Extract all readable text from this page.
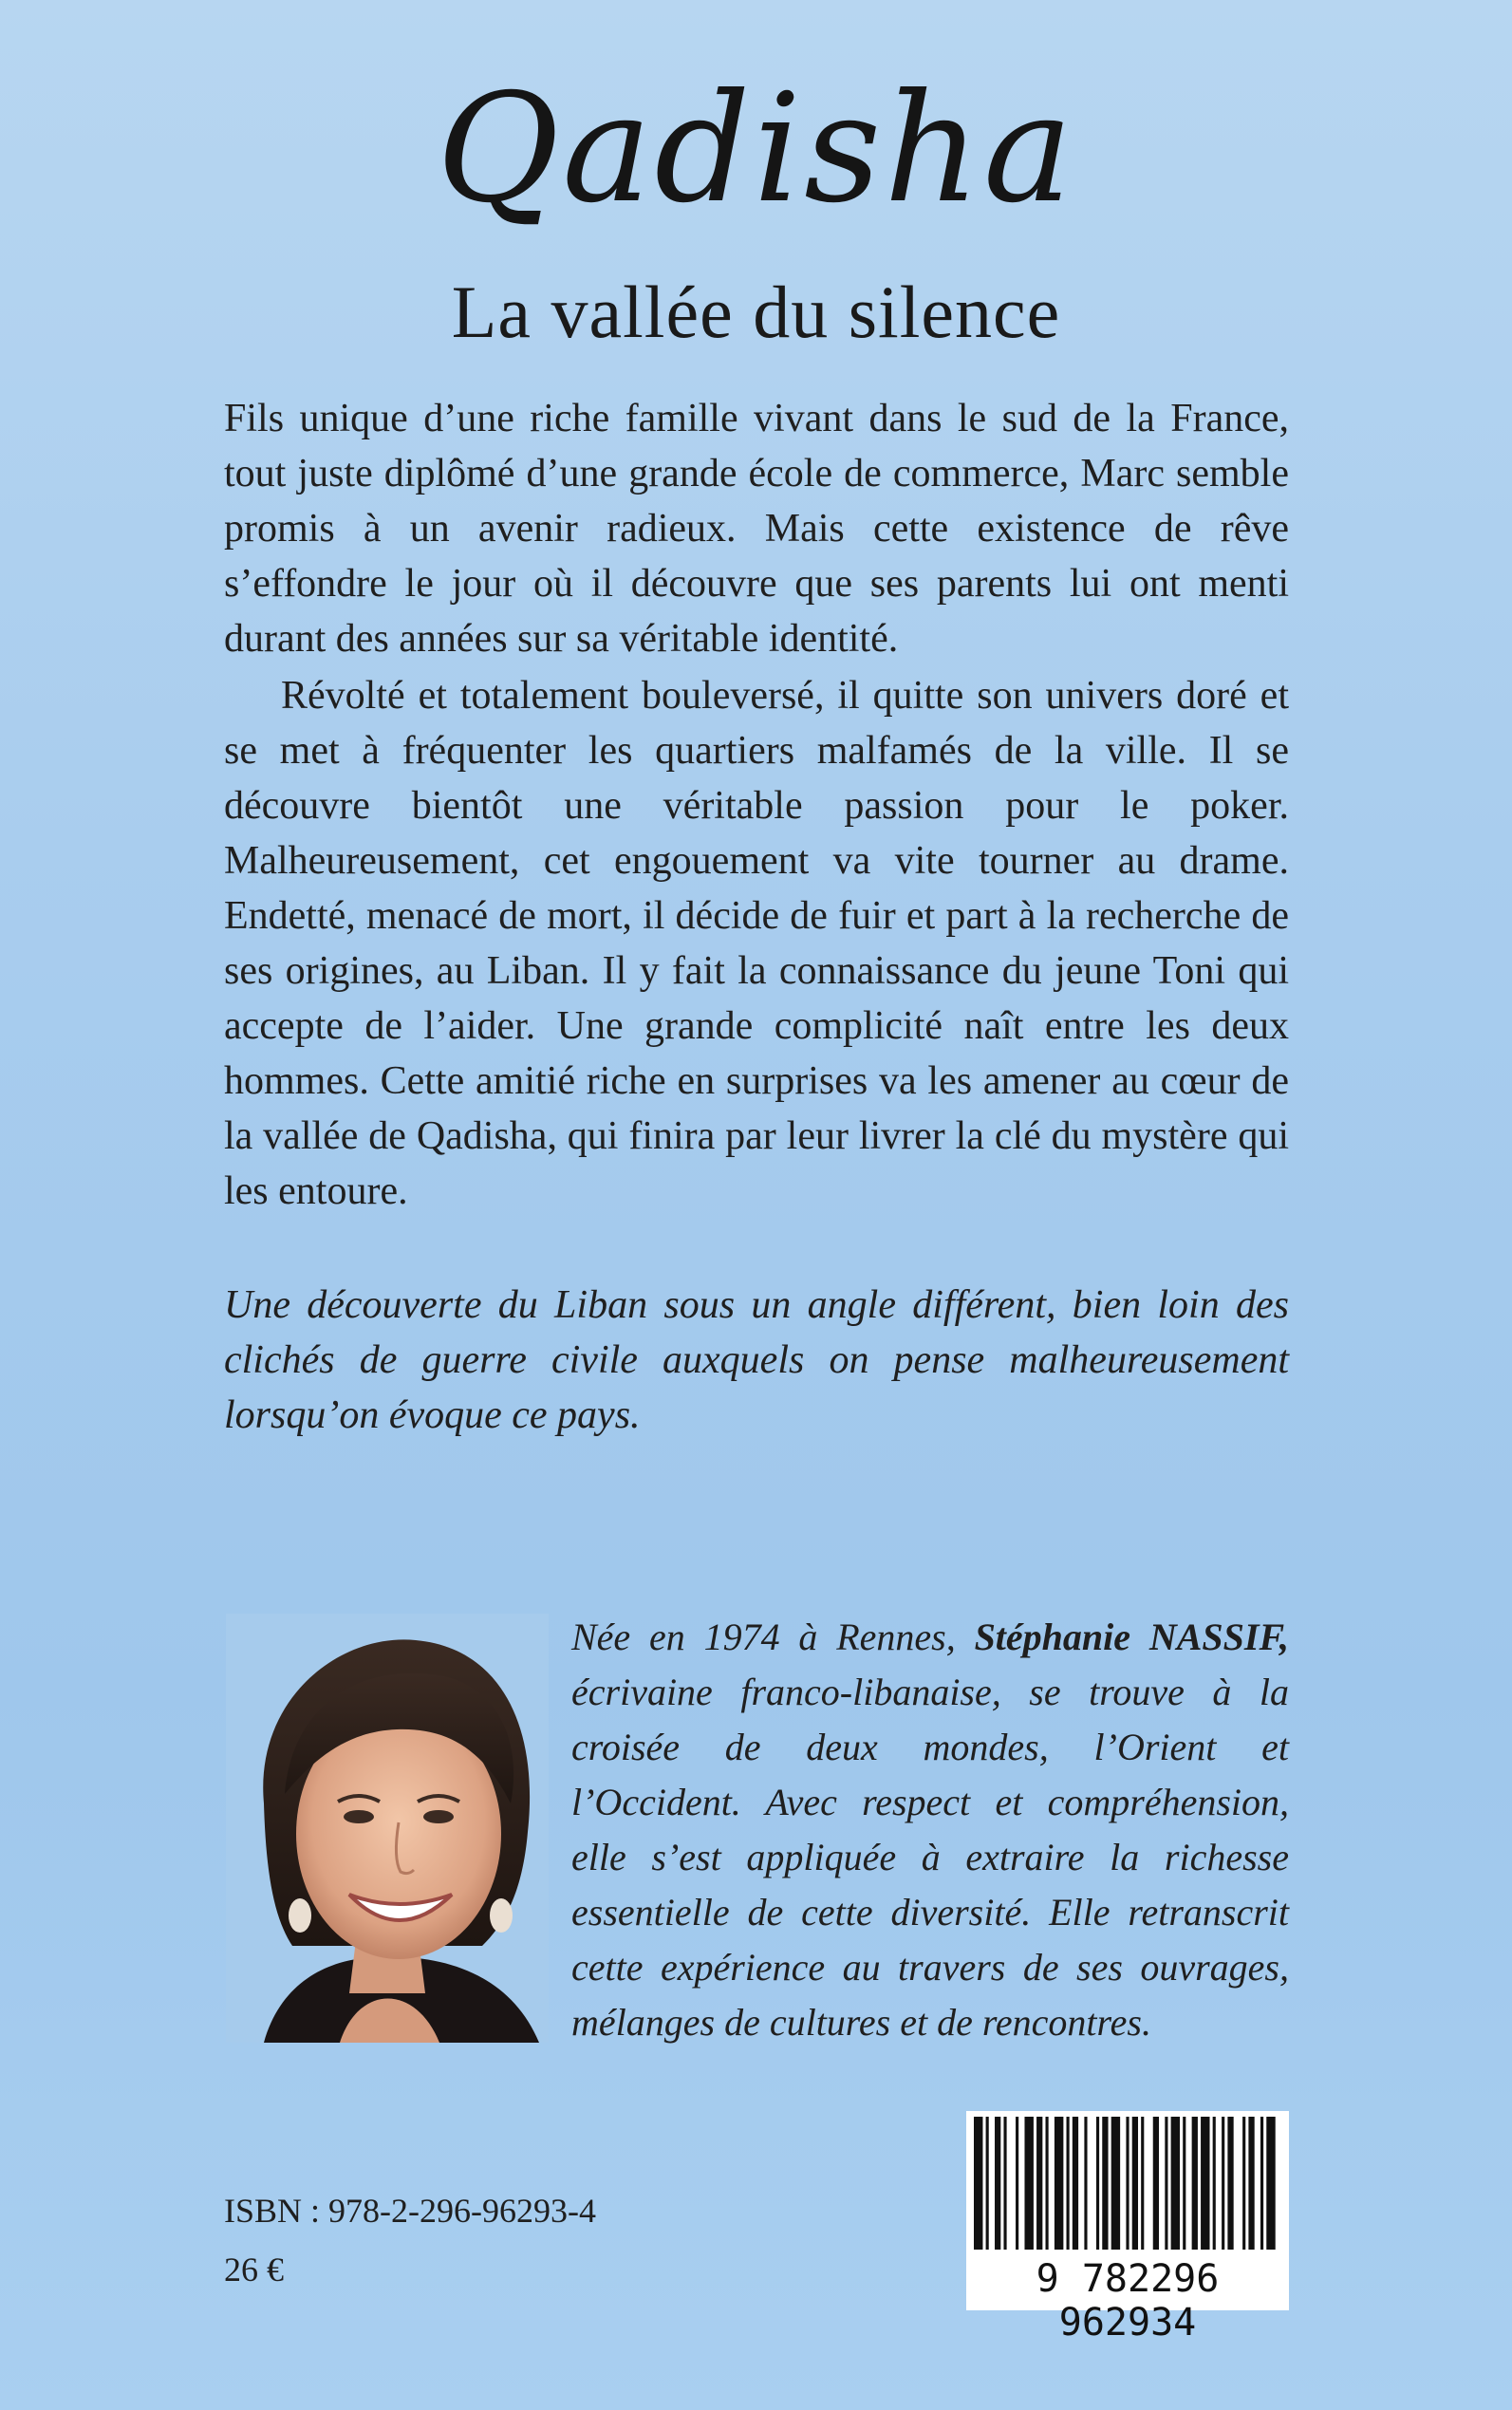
Qadisha
La vallée du silence

Fils unique d’une riche famille vivant dans le sud de la France, tout juste diplômé d’une grande école de commerce, Marc semble promis à un avenir radieux. Mais cette existence de rêve s’effondre le jour où il découvre que ses parents lui ont menti durant des années sur sa véritable identité.

Révolté et totalement bouleversé, il quitte son univers doré et se met à fréquenter les quartiers malfamés de la ville. Il se découvre bientôt une véritable passion pour le poker. Malheureusement, cet engouement va vite tourner au drame. Endetté, menacé de mort, il décide de fuir et part à la recherche de ses origines, au Liban. Il y fait la connaissance du jeune Toni qui accepte de l’aider. Une grande complicité naît entre les deux hommes. Cette amitié riche en surprises va les amener au cœur de la vallée de Qadisha, qui finira par leur livrer la clé du mystère qui les entoure.

Une découverte du Liban sous un angle différent, bien loin des clichés de guerre civile auxquels on pense malheureusement lorsqu’on évoque ce pays.
Née en 1974 à Rennes, Stéphanie NASSIF, écrivaine franco-libanaise, se trouve à la croisée de deux mondes, l’Orient et l’Occident. Avec respect et compréhension, elle s’est appliquée à extraire la richesse essentielle de cette diversité. Elle retranscrit cette expérience au travers de ses ouvrages, mélanges de cultures et de rencontres.
ISBN : 978-2-296-96293-4
26 €	9 782296 962934
